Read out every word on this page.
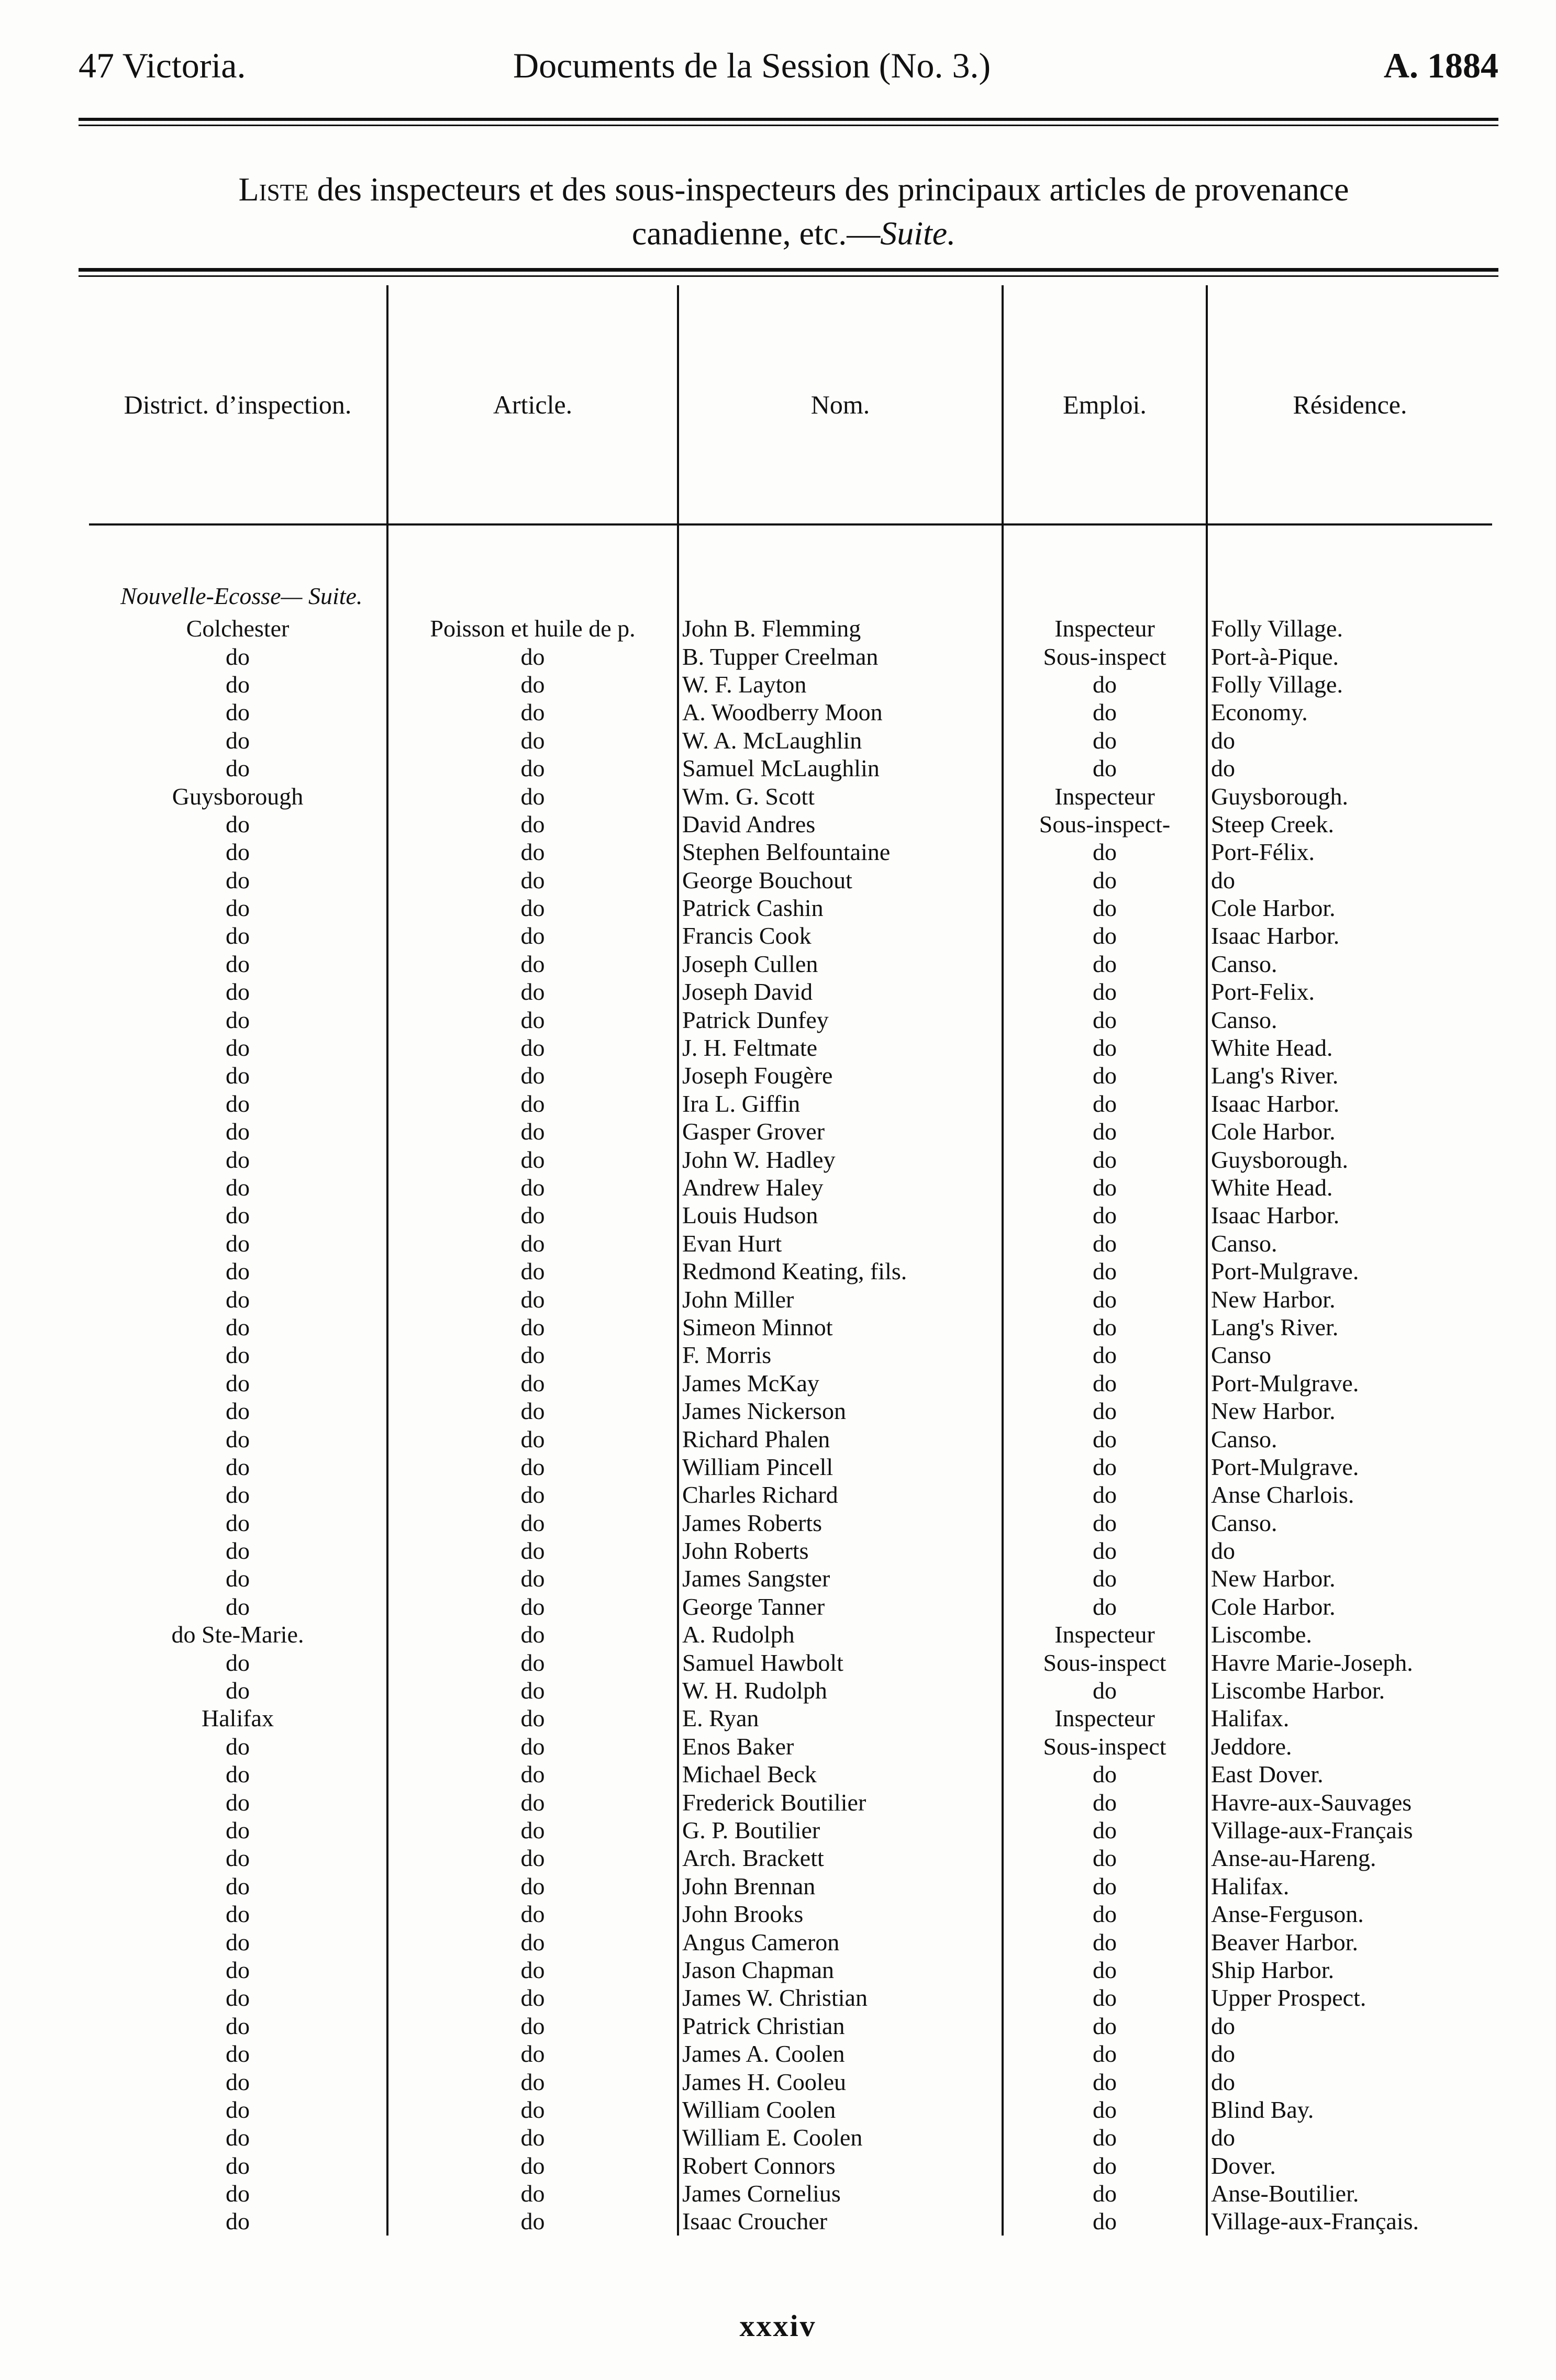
47 Victoria.	Documents de la Session (No. 3.)	A. 1884
Liste des inspecteurs et des sous-inspecteurs des principaux articles de provenance
canadienne, etc.—Suite.
District. d’inspection.	Article.	Nom.	Emploi.	Résidence.
Nouvelle-Ecosse— Suite.				
Colchester	Poisson et huile de p.	John B. Flemming	Inspecteur	Folly Village.
do	do	B. Tupper Creelman	Sous-inspect	Port-à-Pique.
do	do	W. F. Layton	do	Folly Village.
do	do	A. Woodberry Moon	do	Economy.
do	do	W. A. McLaughlin	do	do
do	do	Samuel McLaughlin	do	do
Guysborough	do	Wm. G. Scott	Inspecteur	Guysborough.
do	do	David Andres	Sous-inspect-	Steep Creek.
do	do	Stephen Belfountaine	do	Port-Félix.
do	do	George Bouchout	do	do
do	do	Patrick Cashin	do	Cole Harbor.
do	do	Francis Cook	do	Isaac Harbor.
do	do	Joseph Cullen	do	Canso.
do	do	Joseph David	do	Port-Felix.
do	do	Patrick Dunfey	do	Canso.
do	do	J. H. Feltmate	do	White Head.
do	do	Joseph Fougère	do	Lang's River.
do	do	Ira L. Giffin	do	Isaac Harbor.
do	do	Gasper Grover	do	Cole Harbor.
do	do	John W. Hadley	do	Guysborough.
do	do	Andrew Haley	do	White Head.
do	do	Louis Hudson	do	Isaac Harbor.
do	do	Evan Hurt	do	Canso.
do	do	Redmond Keating, fils.	do	Port-Mulgrave.
do	do	John Miller	do	New Harbor.
do	do	Simeon Minnot	do	Lang's River.
do	do	F. Morris	do	Canso
do	do	James McKay	do	Port-Mulgrave.
do	do	James Nickerson	do	New Harbor.
do	do	Richard Phalen	do	Canso.
do	do	William Pincell	do	Port-Mulgrave.
do	do	Charles Richard	do	Anse Charlois.
do	do	James Roberts	do	Canso.
do	do	John Roberts	do	do
do	do	James Sangster	do	New Harbor.
do	do	George Tanner	do	Cole Harbor.
do Ste-Marie.	do	A. Rudolph	Inspecteur	Liscombe.
do	do	Samuel Hawbolt	Sous-inspect	Havre Marie-Joseph.
do	do	W. H. Rudolph	do	Liscombe Harbor.
Halifax	do	E. Ryan	Inspecteur	Halifax.
do	do	Enos Baker	Sous-inspect	Jeddore.
do	do	Michael Beck	do	East Dover.
do	do	Frederick Boutilier	do	Havre-aux-Sauvages
do	do	G. P. Boutilier	do	Village-aux-Français
do	do	Arch. Brackett	do	Anse-au-Hareng.
do	do	John Brennan	do	Halifax.
do	do	John Brooks	do	Anse-Ferguson.
do	do	Angus Cameron	do	Beaver Harbor.
do	do	Jason Chapman	do	Ship Harbor.
do	do	James W. Christian	do	Upper Prospect.
do	do	Patrick Christian	do	do
do	do	James A. Coolen	do	do
do	do	James H. Cooleu	do	do
do	do	William Coolen	do	Blind Bay.
do	do	William E. Coolen	do	do
do	do	Robert Connors	do	Dover.
do	do	James Cornelius	do	Anse-Boutilier.
do	do	Isaac Croucher	do	Village-aux-Français.
xxxiv
